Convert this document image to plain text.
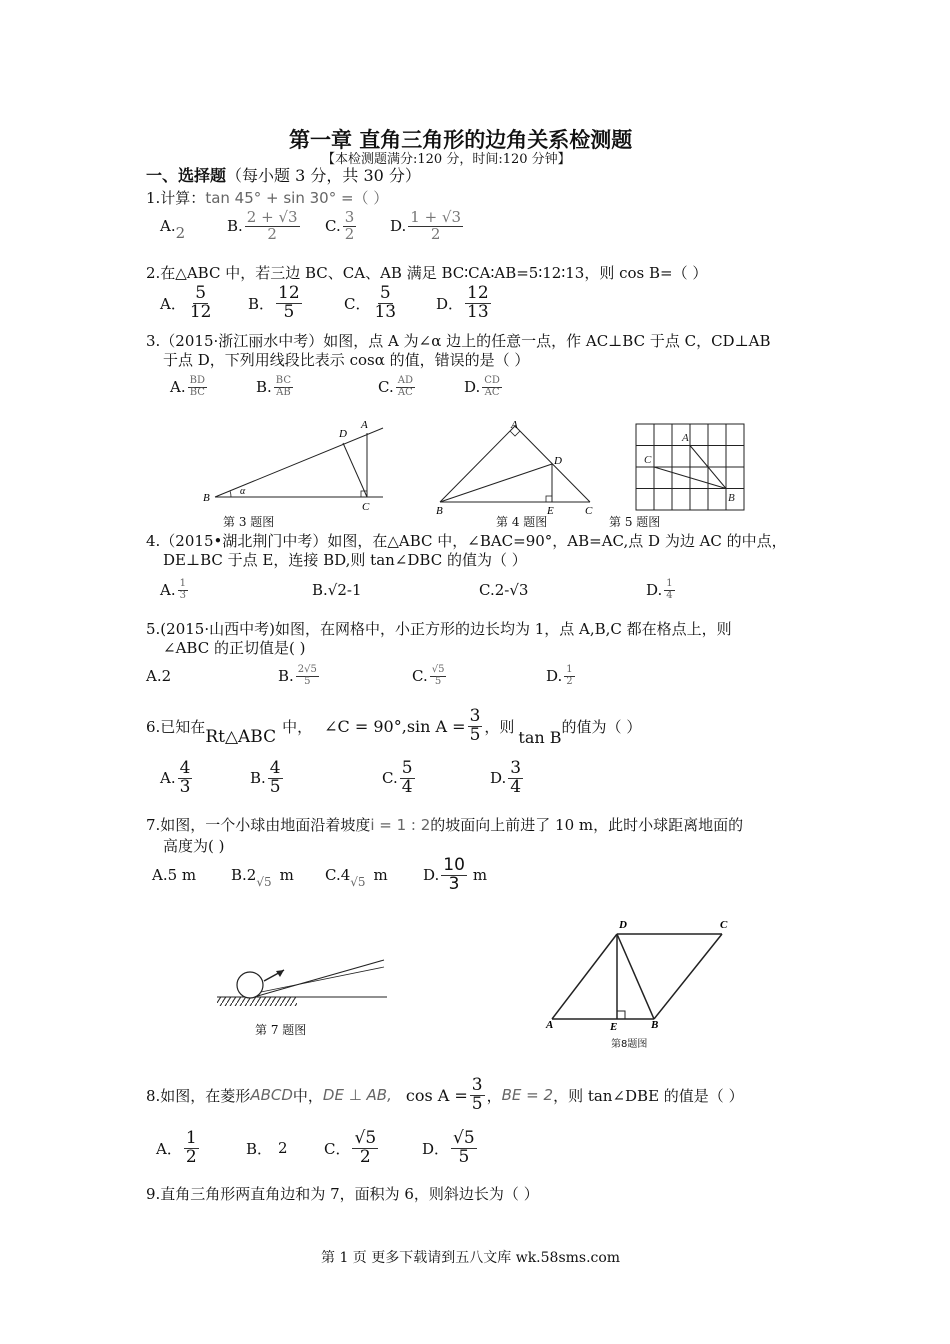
第一章 直角三角形的边角关系检测题
【本检测题满分:120 分，时间:120 分钟】
一、选择题（每小题 3 分，共 30 分）
1.计算：tan 45° + sin 30° =（ ）
A. 2	B. $\frac{2 + √3}{2} C$. $\frac{3}{2} D$. $\frac{1 + √3}{2}$
2.在△ABC 中，若三边 BC、CA、AB 满足 BC∶CA∶AB=5∶12∶13，则 cos B=（ ）
A． $\frac{5}{12}$ B． $\frac{12}{5}$	C． $\frac{5}{13}$	D． $\frac{12}{13}$
3.（2015·浙江丽水中考）如图，点 A 为∠α 边上的任意一点，作 AC⊥BC 于点 C，CD⊥AB
于点 D，下列用线段比表示 cosα 的值，错误的是（ ）
A. $\frac{BD}{BC}$	B. $\frac{BC}{AB}$	C. $\frac{AD}{AC}$	D. $\frac{CD}{AC}$
A
D
B
α
C
第 3 题图
A
D
B	E	C
第 4 题图
A
C
B
第 5 题图
4.（2015•湖北荆门中考）如图，在△ABC 中，∠BAC=90°，AB=AC,点 D 为边 AC 的中点，
DE⊥BC 于点 E，连接 BD,则 tan∠DBC 的值为（ ）
A. $\frac{1}{3}$	B. √2-1	C. 2-√3	D. $\frac{1}{4}$
5.(2015·山西中考)如图，在网格中，小正方形的边长均为 1，点 A,B,C 都在格点上，则
∠ABC 的正切值是( )
A.2	B. $\frac{2√5}{5}$	C. $\frac{√5}{5}$	D. $\frac{1}{2}$
6.已知在
Rt△ABC
中， ∠C = 90°,sin $A = \frac{3}{5}$ ，则
tan B
的值为（ ）
A. $\frac{4}{3}$	B. $\frac{4}{5}$	C. $\frac{5}{4}$	D. $\frac{3}{4}$
7.如图，一个小球由地面沿着坡度i = 1 : 2的坡面向上前进了 10 m，此时小球距离地面的
高度为( )
A.5 m B.2 √5 m C.4 √5 m D. $\frac{10}{3}$ m
第 7 题图
D	C
A	E	B
第8题图
8.如图，在菱形 ABCD 中， DE ⊥ AB, $\cos A = \frac{3}{5}$ ， BE = 2 ，则 tan∠DBE 的值是（ ）
A． $\frac{1}{2}$	B． 2 C． $\frac{√5}{2}$	D． $\frac{√5}{5}$
9.直角三角形两直角边和为 7，面积为 6，则斜边长为（ ）
第 1 页 更多下载请到五八文库 wk.58sms.com
